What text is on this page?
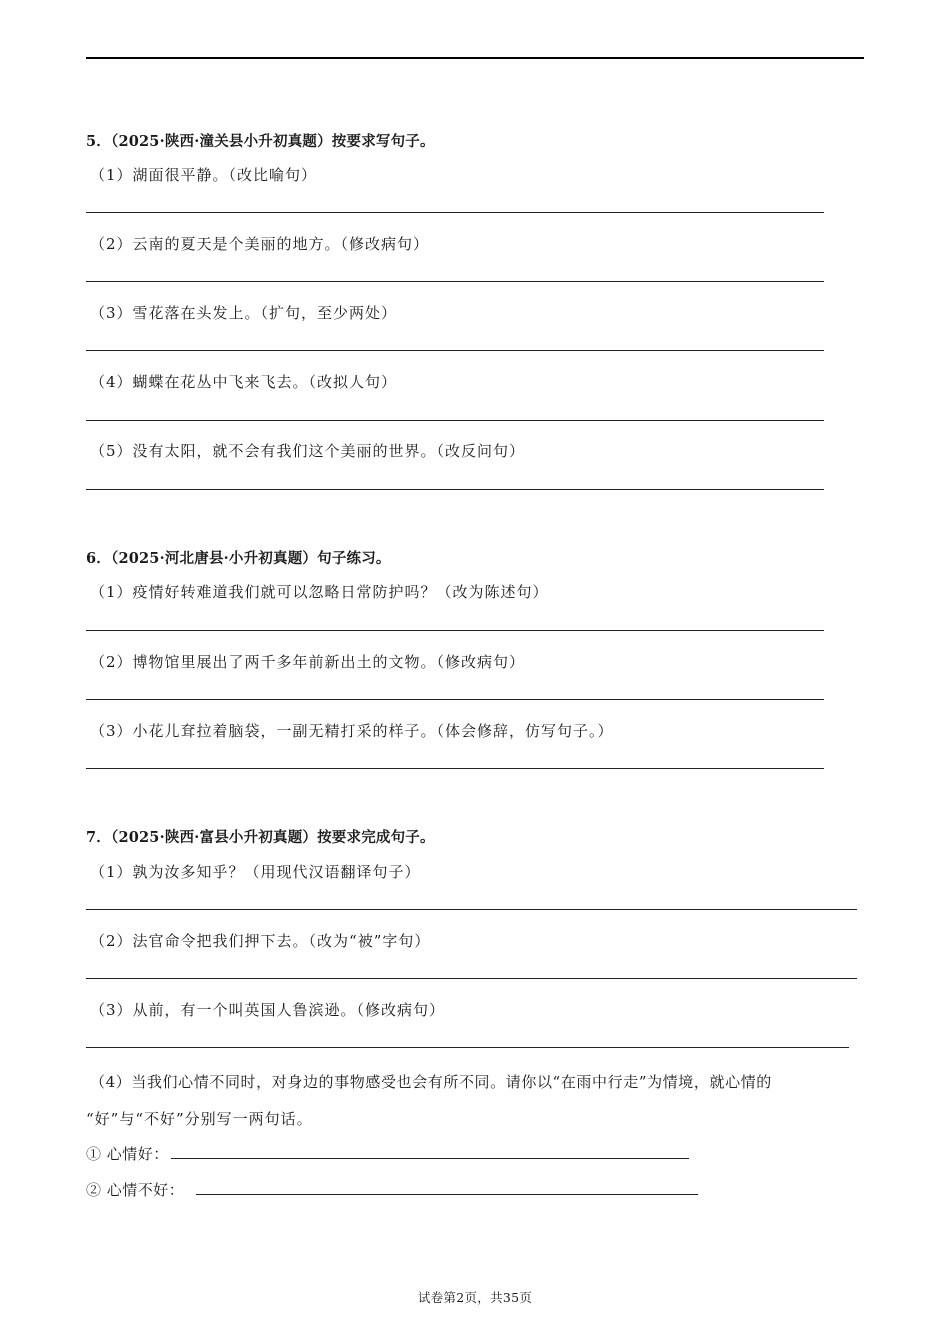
5．（2025·陕西·潼关县小升初真题）按要求写句子。
（1）湖面很平静。（改比喻句）
（2）云南的夏天是个美丽的地方。（修改病句）
（3）雪花落在头发上。（扩句，至少两处）
（4）蝴蝶在花丛中飞来飞去。（改拟人句）
（5）没有太阳，就不会有我们这个美丽的世界。（改反问句）
6．（2025·河北唐县·小升初真题）句子练习。
（1）疫情好转难道我们就可以忽略日常防护吗？（改为陈述句）
（2）博物馆里展出了两千多年前新出土的文物。（修改病句）
（3）小花儿耷拉着脑袋，一副无精打采的样子。（体会修辞，仿写句子。）
7．（2025·陕西·富县小升初真题）按要求完成句子。
（1）孰为汝多知乎？（用现代汉语翻译句子）
（2）法官命令把我们押下去。（改为“被”字句）
（3）从前，有一个叫英国人鲁滨逊。（修改病句）
（4）当我们心情不同时，对身边的事物感受也会有所不同。请你以“在雨中行走”为情境，就心情的
“好”与“不好”分别写一两句话。
① 心情好：
② 心情不好：
试卷第2页，共35页
